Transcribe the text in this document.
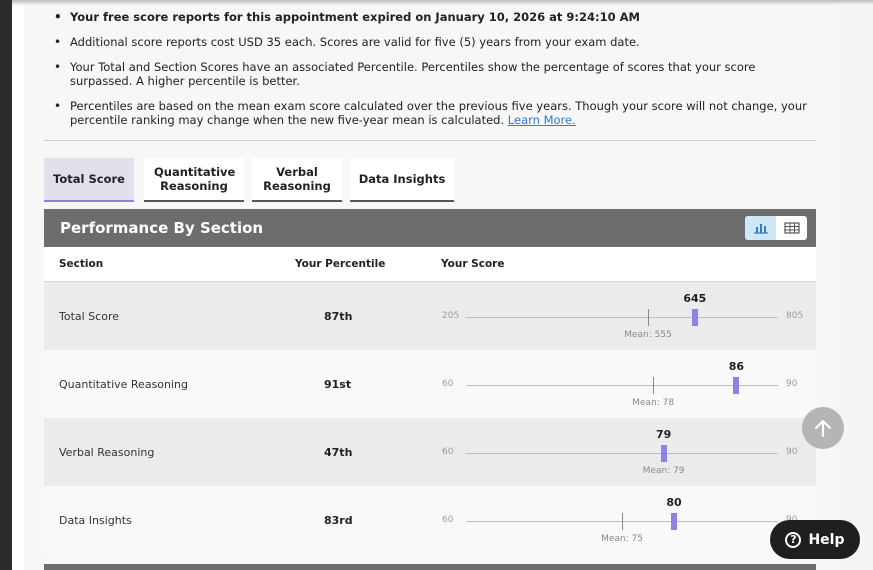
• Your free score reports for this appointment expired on January 10, 2026 at 9:24:10 AM
• Additional score reports cost USD 35 each. Scores are valid for five (5) years from your exam date.
• Your Total and Section Scores have an associated Percentile. Percentiles show the percentage of scores that your score surpassed. A higher percentile is better.
• Percentiles are based on the mean exam score calculated over the previous five years. Though your score will not change, your percentile ranking may change when the new five-year mean is calculated. Learn More.
Total Score	Quantitative Reasoning
Verbal Reasoning Data Insights
Performance By Section
Section	Your Percentile	Your Score
Total Score	87th	205	805
Mean: 555
645
Quantitative Reasoning	91st	60	90
Mean: 78
86
Verbal Reasoning	47th	60	90
Mean: 79
79
Data Insights	83rd	60
Mean: 75
80
? Help
